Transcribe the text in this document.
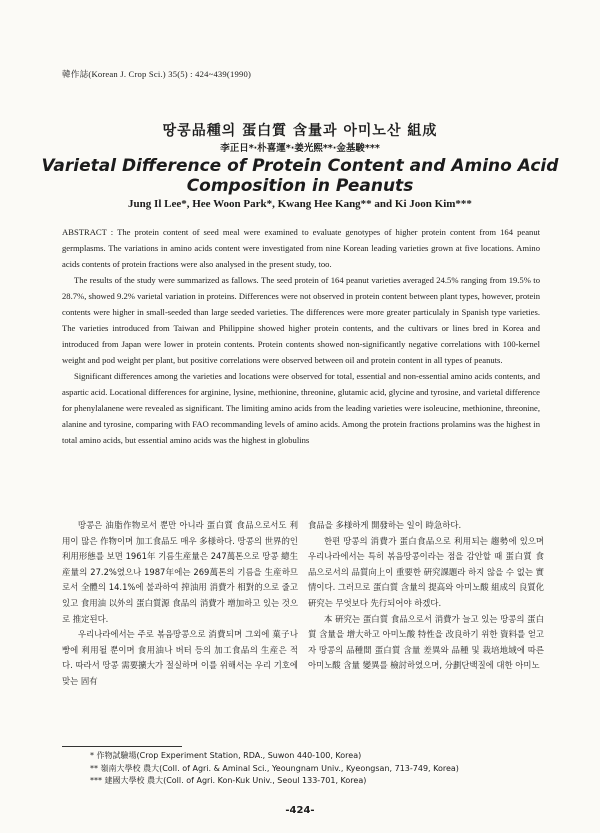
韓作誌(Korean J. Crop Sci.) 35(5) : 424~439(1990)
땅콩品種의 蛋白質 含量과 아미노산 組成
李正日*·朴喜運*·姜光熙**·金基駿***
Varietal Difference of Protein Content and Amino Acid
Composition in Peanuts
Jung Il Lee*, Hee Woon Park*, Kwang Hee Kang** and Ki Joon Kim***

ABSTRACT : The protein content of seed meal were examined to evaluate genotypes of higher protein content from 164 peanut germplasms. The variations in amino acids content were investigated from nine Korean leading varieties grown at five locations. Amino acids contents of protein fractions were also analysed in the present study, too.

The results of the study were summarized as fallows. The seed protein of 164 peanut varieties averaged 24.5% ranging from 19.5% to 28.7%, showed 9.2% varietal variation in proteins. Differences were not observed in protein content between plant types, however, protein contents were higher in small-seeded than large seeded varieties. The differences were more greater particulaly in Spanish type varieties. The varieties introduced from Taiwan and Philippine showed higher protein contents, and the cultivars or lines bred in Korea and introduced from Japan were lower in protein contents. Protein contents showed non-significantly negative correlations with 100-kernel weight and pod weight per plant, but positive correlations were observed between oil and protein content in all types of peanuts.

Significant differences among the varieties and locations were observed for total, essential and non-essential amino acids contents, and aspartic acid. Locational differences for arginine, lysine, methionine, threonine, glutamic acid, glycine and tyrosine, and varietal difference for phenylalanene were revealed as significant. The limiting amino acids from the leading varieties were isoleucine, methionine, threonine, alanine and tyrosine, comparing with FAO recommanding levels of amino acids. Among the protein fractions prolamins was the highest in total amino acids, but essential amino acids was the highest in globulins

땅콩은 油脂作物로서 뿐만 아니라 蛋白質 食品으로서도 利用이 많은 作物이며 加工食品도 매우 多様하다. 땅콩의 世界的인 利用形態를 보면 1961年 기름生産量은 247萬톤으로 땅콩 總生産量의 27.2%였으나 1987年에는 269萬톤의 기름을 生産하므로서 全體의 14.1%에 불과하여 搾油用 消費가 相對的으로 줄고 있고 食用油 以外의 蛋白質源 食品의 消費가 增加하고 있는 것으로 推定된다.

우리나라에서는 주로 볶음땅콩으로 消費되며 그외에 菓子나 빵에 利用될 뿐이며 食用油나 버터 등의 加工食品의 生産은 적다. 따라서 땅콩 需要擴大가 절실하며 이를 위해서는 우리 기호에 맞는 固有

食品을 多様하게 開發하는 일이 時急하다.

한편 땅콩의 消費가 蛋白食品으로 利用되는 趨勢에 있으며 우리나라에서는 특히 볶음땅콩이라는 점을 감안할 때 蛋白質 食品으로서의 品質向上이 重要한 硏究課題라 하지 않을 수 없는 實情이다. 그러므로 蛋白質 含量의 提高와 아미노酸 組成의 良質化 硏究는 무엇보다 先行되어야 하겠다.

本 硏究는 蛋白質 食品으로서 消費가 늘고 있는 땅콩의 蛋白質 含量을 增大하고 아미노酸 特性을 改良하기 위한 資料를 얻고자 땅콩의 品種間 蛋白質 含量 差異와 品種 및 栽培地域에 따른 아미노酸 含量 變異를 檢討하였으며, 分劃단백질에 대한 아미노

* 作物試驗場(Crop Experiment Station, RDA., Suwon 440-100, Korea)
** 嶺南大學校 農大(Coll. of Agri. & Aminal Sci., Yeoungnam Univ., Kyeongsan, 713-749, Korea)
*** 建國大學校 農大(Coll. of Agri. Kon-Kuk Univ., Seoul 133-701, Korea)
-424-
